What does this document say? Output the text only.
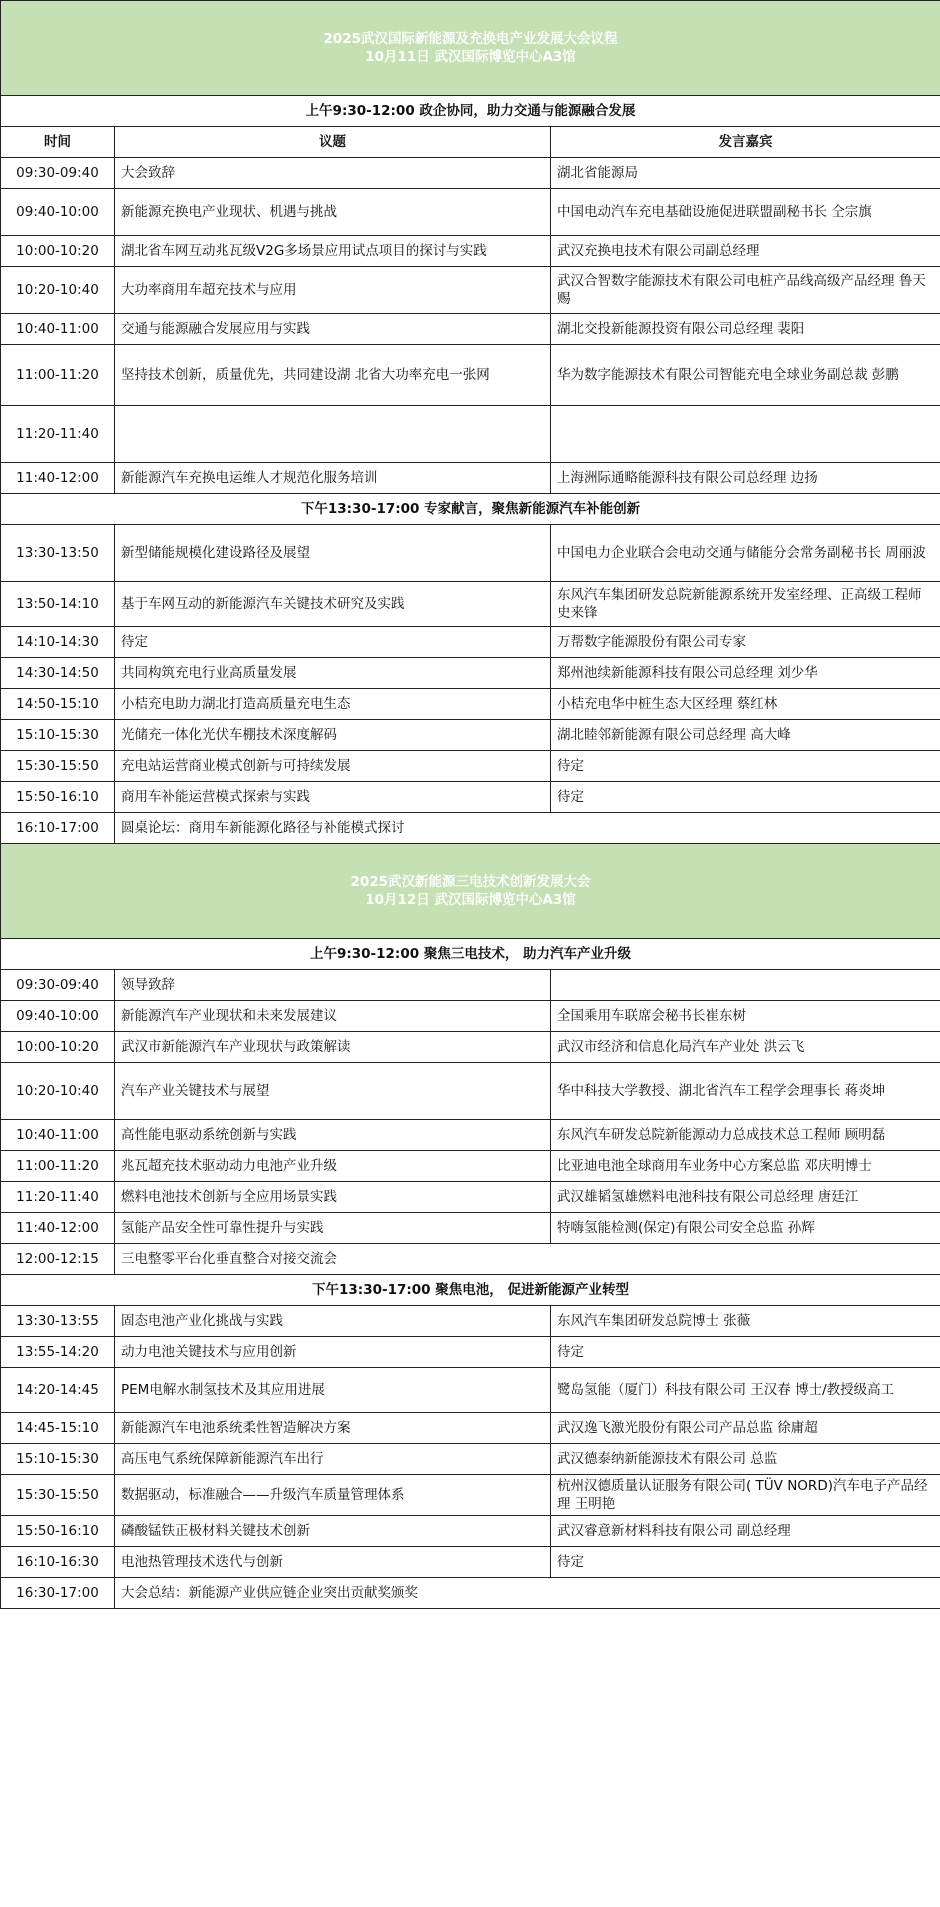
2025武汉国际新能源及充换电产业发展大会议程
10月11日 武汉国际博览中心A3馆		

上午9:30-12:00 政企协同，助力交通与能源融合发展		
时间	议题	发言嘉宾
09:30-09:40	大会致辞	湖北省能源局
09:40-10:00	新能源充换电产业现状、机遇与挑战	中国电动汽车充电基础设施促进联盟副秘书长 仝宗旗
10:00-10:20	湖北省车网互动兆瓦级V2G多场景应用试点项目的探讨与实践	武汉充换电技术有限公司副总经理
10:20-10:40	大功率商用车超充技术与应用	武汉合智数字能源技术有限公司电桩产品线高级产品经理 鲁天赐
10:40-11:00	交通与能源融合发展应用与实践	湖北交投新能源投资有限公司总经理 裴阳
11:00-11:20	坚持技术创新，质量优先，共同建设湖 北省大功率充电一张网	华为数字能源技术有限公司智能充电全球业务副总裁 彭鹏
11:20-11:40		
11:40-12:00	新能源汽车充换电运维人才规范化服务培训	上海洲际通略能源科技有限公司总经理 边扬
下午13:30-17:00 专家献言，聚焦新能源汽车补能创新		
13:30-13:50	新型储能规模化建设路径及展望	中国电力企业联合会电动交通与储能分会常务副秘书长 周丽波
13:50-14:10	基于车网互动的新能源汽车关键技术研究及实践	东风汽车集团研发总院新能源系统开发室经理、正高级工程师史来锋
14:10-14:30	待定	万帮数字能源股份有限公司专家
14:30-14:50	共同构筑充电行业高质量发展	郑州池续新能源科技有限公司总经理 刘少华
14:50-15:10	小桔充电助力湖北打造高质量充电生态	小桔充电华中桩生态大区经理 蔡红林
15:10-15:30	光储充一体化光伏车棚技术深度解码	湖北睦邻新能源有限公司总经理 高大峰
15:30-15:50	充电站运营商业模式创新与可持续发展	待定
15:50-16:10	商用车补能运营模式探索与实践	待定
16:10-17:00	圆桌论坛：商用车新能源化路径与补能模式探讨	

2025武汉新能源三电技术创新发展大会
10月12日 武汉国际博览中心A3馆		

上午9:30-12:00 聚焦三电技术， 助力汽车产业升级		
09:30-09:40	领导致辞	
09:40-10:00	新能源汽车产业现状和未来发展建议	全国乘用车联席会秘书长崔东树
10:00-10:20	武汉市新能源汽车产业现状与政策解读	武汉市经济和信息化局汽车产业处 洪云飞
10:20-10:40	汽车产业关键技术与展望	华中科技大学教授、湖北省汽车工程学会理事长 蒋炎坤
10:40-11:00	高性能电驱动系统创新与实践	东风汽车研发总院新能源动力总成技术总工程师 顾明磊
11:00-11:20	兆瓦超充技术驱动动力电池产业升级	比亚迪电池全球商用车业务中心方案总监 邓庆明博士
11:20-11:40	燃料电池技术创新与全应用场景实践	武汉雄韬氢雄燃料电池科技有限公司总经理 唐廷江
11:40-12:00	氢能产品安全性可靠性提升与实践	特嗨氢能检测(保定)有限公司安全总监 孙辉
12:00-12:15	三电整零平台化垂直整合对接交流会	
下午13:30-17:00 聚焦电池， 促进新能源产业转型		
13:30-13:55	固态电池产业化挑战与实践	东风汽车集团研发总院博士 张薇
13:55-14:20	动力电池关键技术与应用创新	待定
14:20-14:45	PEM电解水制氢技术及其应用进展	鹭岛氢能（厦门）科技有限公司 王汉春 博士/教授级高工
14:45-15:10	新能源汽车电池系统柔性智造解决方案	武汉逸飞激光股份有限公司产品总监 徐庸超
15:10-15:30	高压电气系统保障新能源汽车出行	武汉德泰纳新能源技术有限公司 总监
15:30-15:50	数据驱动，标准融合——升级汽车质量管理体系	杭州汉德质量认证服务有限公司( TÜV NORD)汽车电子产品经理 王明艳
15:50-16:10	磷酸锰铁正极材料关键技术创新	武汉睿意新材料科技有限公司 副总经理
16:10-16:30	电池热管理技术迭代与创新	待定
16:30-17:00	大会总结：新能源产业供应链企业突出贡献奖颁奖	
